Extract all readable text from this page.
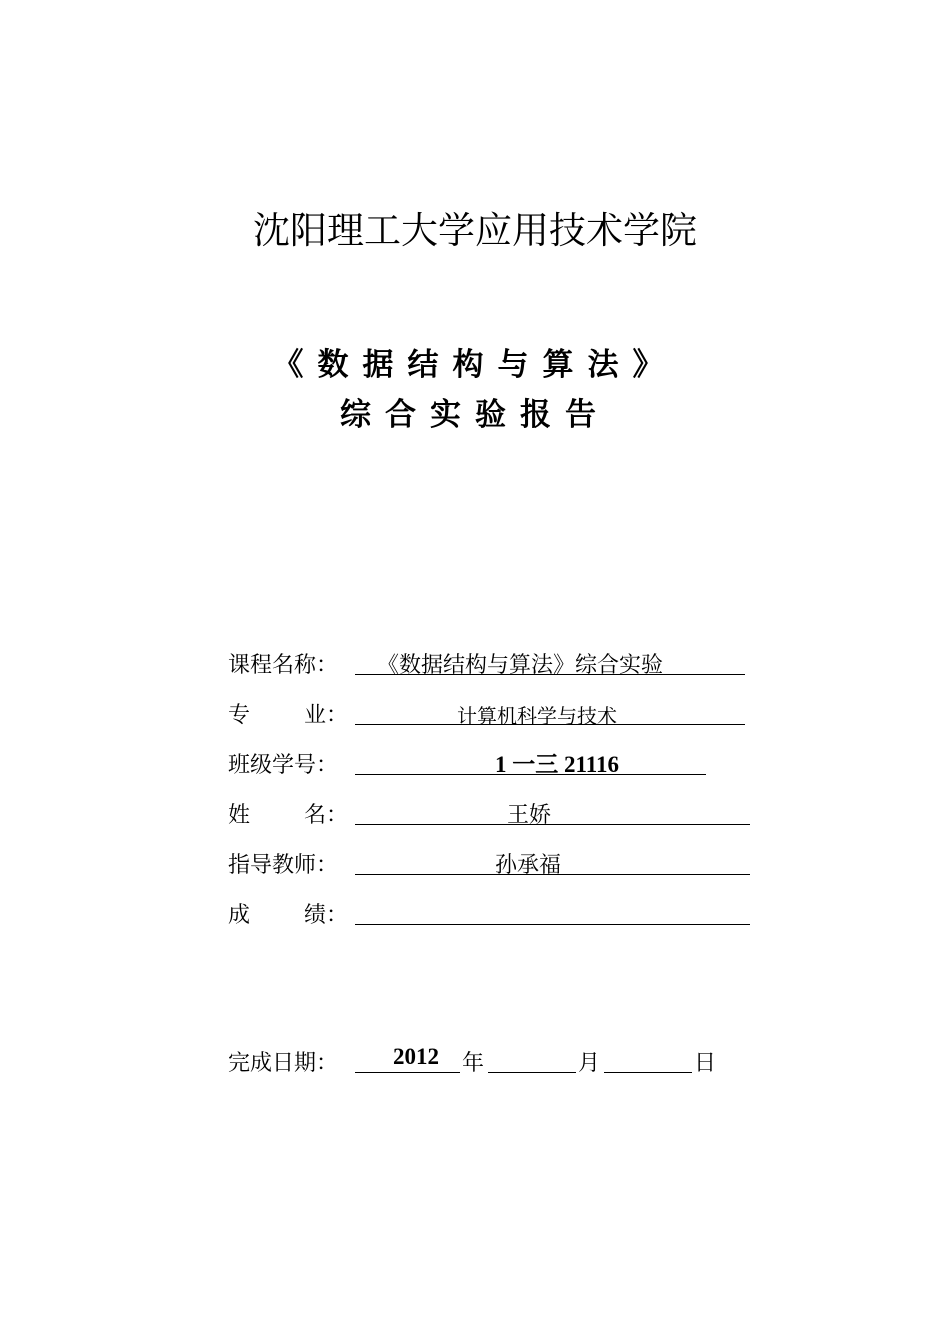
沈阳理工大学应用技术学院
《数据结构与算法》
综合实验报告
课程名称：	《数据结构与算法》综合实验
专 业：	计算机科学与技术
班级学号：	1 一三 21116
姓 名：	王娇
指导教师：	孙承福
成 绩：
完成日期：	2012 年	月	日
